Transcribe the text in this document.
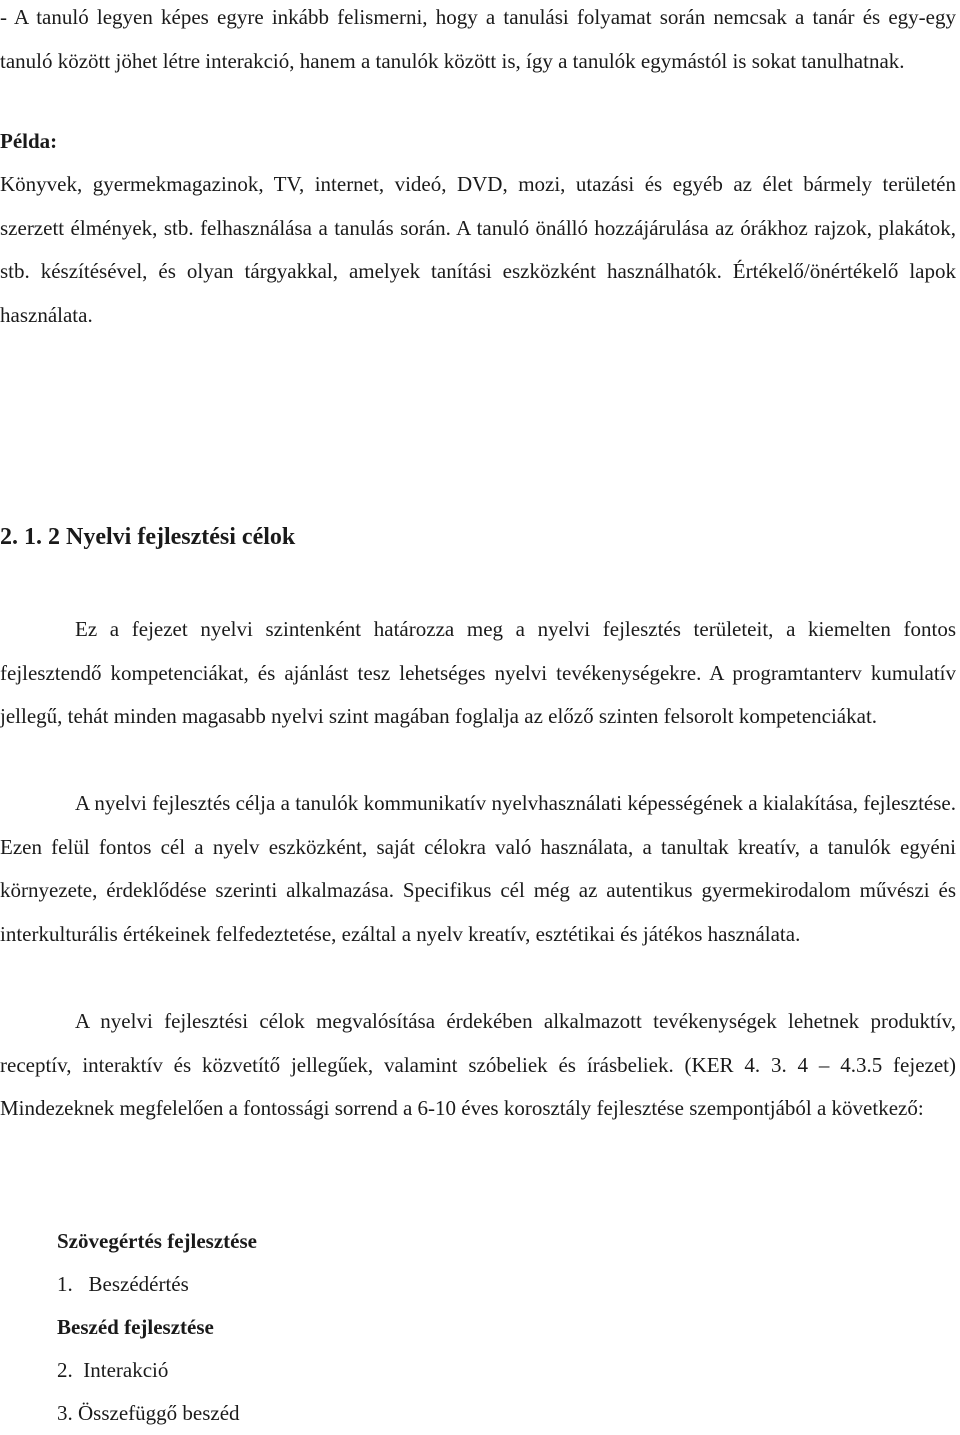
- A tanuló legyen képes egyre inkább felismerni, hogy a tanulási folyamat során nemcsak a tanár és egy-egy tanuló között jöhet létre interakció, hanem a tanulók között is, így a tanulók egymástól is sokat tanulhatnak.

Példa:

Könyvek, gyermekmagazinok, TV, internet, videó, DVD, mozi, utazási és egyéb az élet bármely területén szerzett élmények, stb. felhasználása a tanulás során. A tanuló önálló hozzájárulása az órákhoz rajzok, plakátok, stb. készítésével, és olyan tárgyakkal, amelyek tanítási eszközként használhatók. Értékelő/önértékelő lapok használata.

2. 1. 2 Nyelvi fejlesztési célok

Ez a fejezet nyelvi szintenként határozza meg a nyelvi fejlesztés területeit, a kiemelten fontos fejlesztendő kompetenciákat, és ajánlást tesz lehetséges nyelvi tevékenységekre. A programtanterv kumulatív jellegű, tehát minden magasabb nyelvi szint magában foglalja az előző szinten felsorolt kompetenciákat.

A nyelvi fejlesztés célja a tanulók kommunikatív nyelvhasználati képességének a kialakítása, fejlesztése. Ezen felül fontos cél a nyelv eszközként, saját célokra való használata, a tanultak kreatív, a tanulók egyéni környezete, érdeklődése szerinti alkalmazása. Specifikus cél még az autentikus gyermekirodalom művészi és interkulturális értékeinek felfedeztetése, ezáltal a nyelv kreatív, esztétikai és játékos használata.

A nyelvi fejlesztési célok megvalósítása érdekében alkalmazott tevékenységek lehetnek produktív, receptív, interaktív és közvetítő jellegűek, valamint szóbeliek és írásbeliek. (KER 4. 3. 4 – 4.3.5 fejezet) Mindezeknek megfelelően a fontossági sorrend a 6-10 éves korosztály fejlesztése szempontjából a következő:

Szövegértés fejlesztése

1.   Beszédértés

Beszéd fejlesztése

2.  Interakció

3. Összefüggő beszéd
